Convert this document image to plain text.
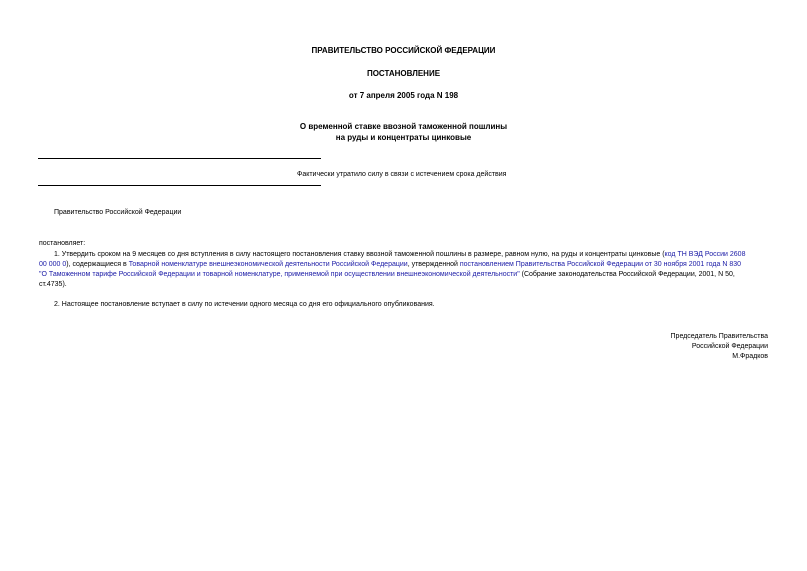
ПРАВИТЕЛЬСТВО РОССИЙСКОЙ ФЕДЕРАЦИИ
ПОСТАНОВЛЕНИЕ
от 7 апреля 2005 года N 198
О временной ставке ввозной таможенной пошлины
на руды и концентраты цинковые
Фактически утратило силу в связи с истечением срока действия
Правительство Российской Федерации
постановляет:
1. Утвердить сроком на 9 месяцев со дня вступления в силу настоящего постановления ставку ввозной таможенной пошлины в размере, равном нулю, на руды и концентраты цинковые (код ТН ВЭД России 2608
00 000 0), содержащиеся в Товарной номенклатуре внешнеэкономической деятельности Российской Федерации, утвержденной постановлением Правительства Российской Федерации от 30 ноября 2001 года N 830
"О Таможенном тарифе Российской Федерации и товарной номенклатуре, применяемой при осуществлении внешнеэкономической деятельности" (Собрание законодательства Российской Федерации, 2001, N 50,
ст.4735).
2. Настоящее постановление вступает в силу по истечении одного месяца со дня его официального опубликования.
Председатель Правительства
Российской Федерации
М.Фрадков
